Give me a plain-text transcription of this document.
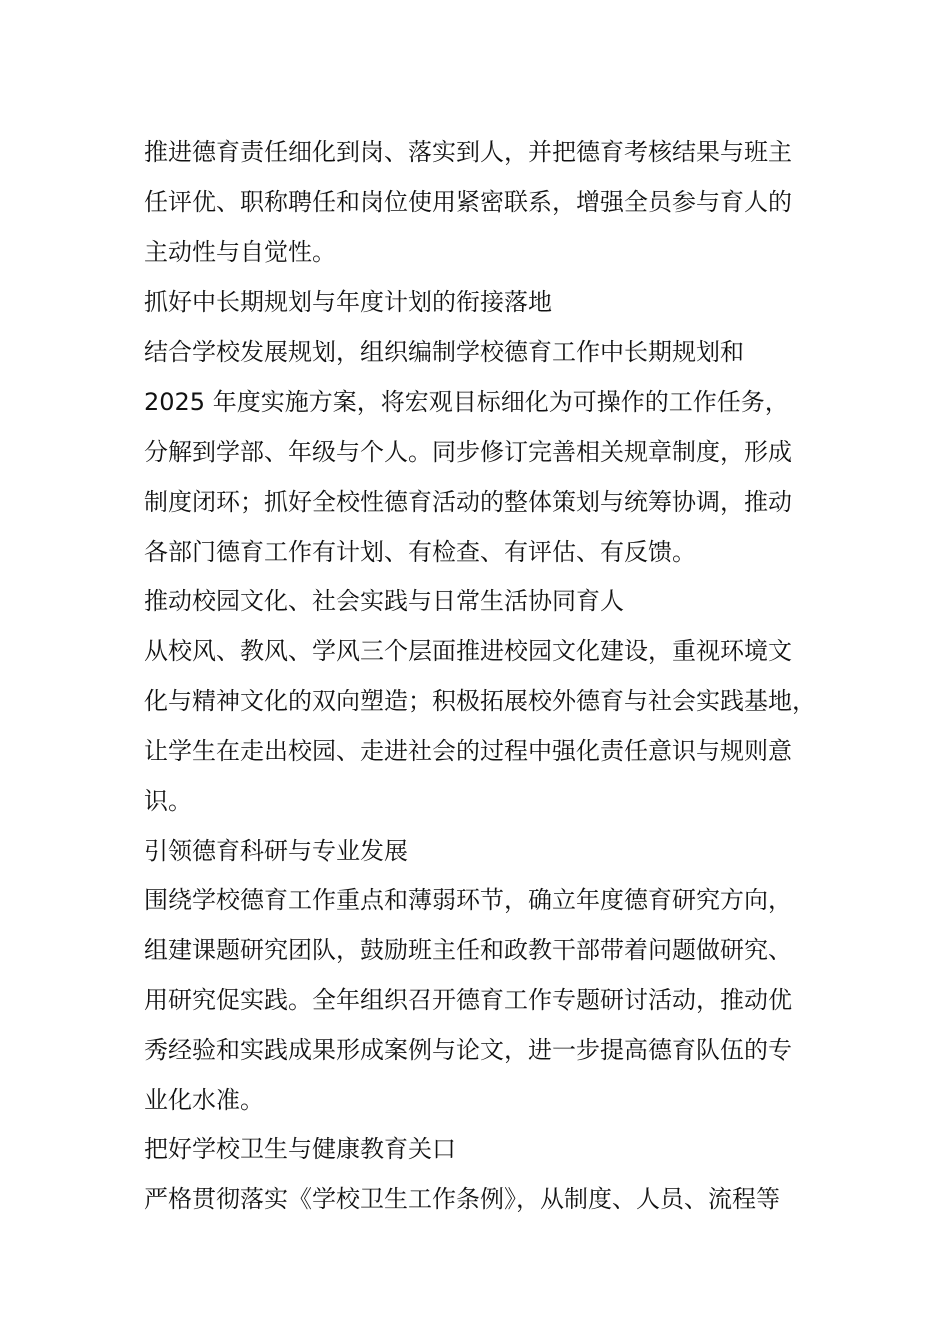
推进德育责任细化到岗、落实到人，并把德育考核结果与班主
任评优、职称聘任和岗位使用紧密联系，增强全员参与育人的
主动性与自觉性。
抓好中长期规划与年度计划的衔接落地
结合学校发展规划，组织编制学校德育工作中长期规划和
2025 年度实施方案，将宏观目标细化为可操作的工作任务，
分解到学部、年级与个人。同步修订完善相关规章制度，形成
制度闭环；抓好全校性德育活动的整体策划与统筹协调，推动
各部门德育工作有计划、有检查、有评估、有反馈。
推动校园文化、社会实践与日常生活协同育人
从校风、教风、学风三个层面推进校园文化建设，重视环境文
化与精神文化的双向塑造；积极拓展校外德育与社会实践基地，
让学生在走出校园、走进社会的过程中强化责任意识与规则意
识。
引领德育科研与专业发展
围绕学校德育工作重点和薄弱环节，确立年度德育研究方向，
组建课题研究团队，鼓励班主任和政教干部带着问题做研究、
用研究促实践。全年组织召开德育工作专题研讨活动，推动优
秀经验和实践成果形成案例与论文，进一步提高德育队伍的专
业化水准。
把好学校卫生与健康教育关口
严格贯彻落实《学校卫生工作条例》，从制度、人员、流程等
